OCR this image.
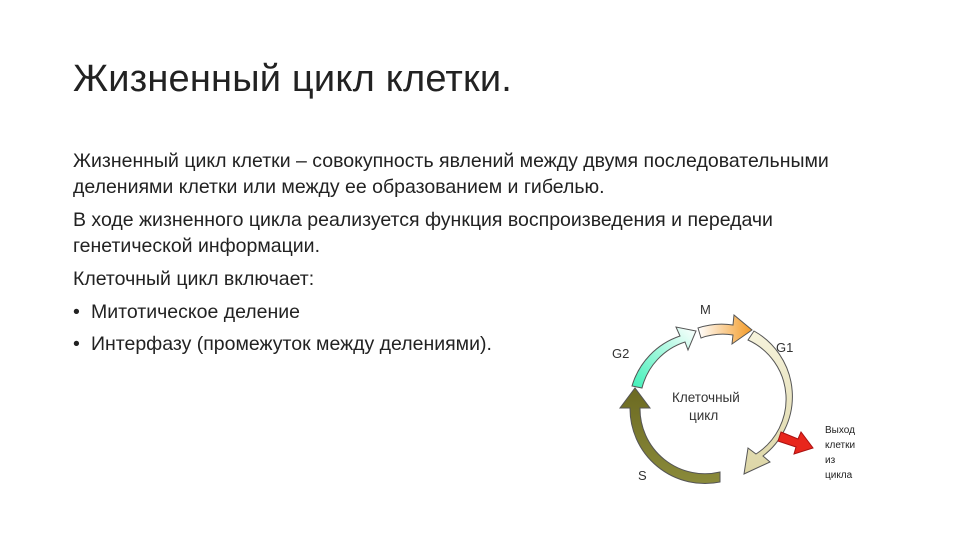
Жизненный цикл клетки.

Жизненный цикл клетки – совокупность явлений между двумя последовательными делениями клетки или между ее образованием и гибелью.

В ходе жизненного цикла реализуется функция воспроизведения и передачи генетической информации.

Клеточный цикл включает:

• Митотическое деление
• Интерфазу (промежуток между делениями).
M
G1
G2
S
Клеточный
цикл
Выход
клетки
из
цикла
